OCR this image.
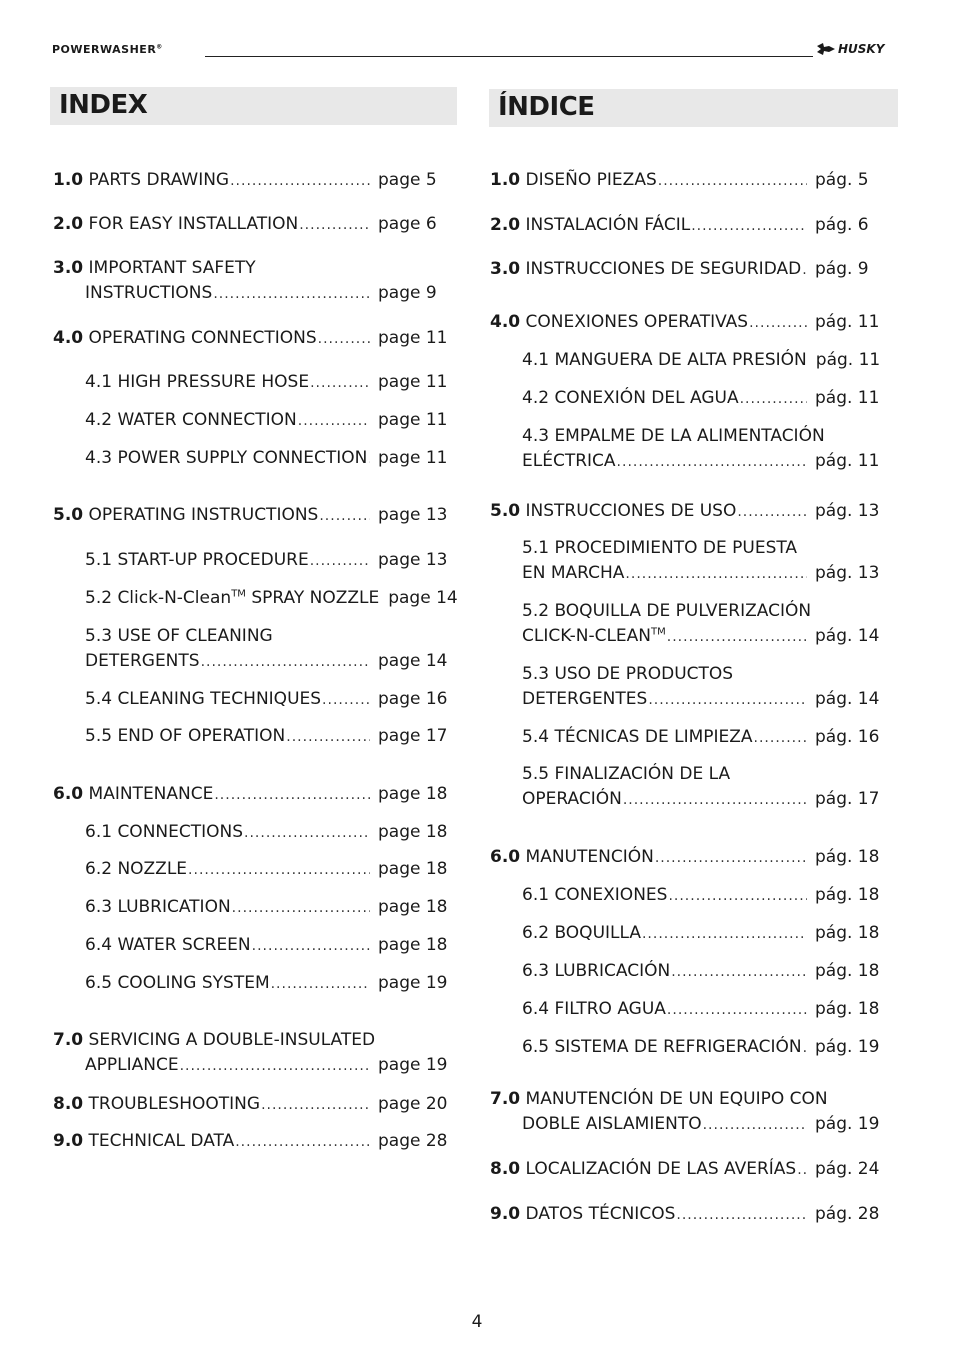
POWERWASHER®	HUSKY
INDEX	ÍNDICE
1.0 PARTS DRAWING .....	page 5
2.0 FOR EASY INSTALLATION .....	page 6
3.0 IMPORTANT SAFETY
INSTRUCTIONS .....	page 9
4.0 OPERATING CONNECTIONS .....	page 11
4.1 HIGH PRESSURE HOSE .....	page 11
4.2 WATER CONNECTION .....	page 11
4.3 POWER SUPPLY CONNECTION ..... page 11
5.0 OPERATING INSTRUCTIONS .....	page 13
5.1 START-UP PROCEDURE .....	page 13
5.2 Click-N-Clean™ SPRAY NOZZLE page 14
5.3 USE OF CLEANING
DETERGENTS .....	page 14
5.4 CLEANING TECHNIQUES .....	page 16
5.5 END OF OPERATION .....	page 17
6.0 MAINTENANCE .....	page 18
6.1 CONNECTIONS .....	page 18
6.2 NOZZLE .....	page 18
6.3 LUBRICATION .....	page 18
6.4 WATER SCREEN .....	page 18
6.5 COOLING SYSTEM .....	page 19
7.0 SERVICING A DOUBLE-INSULATED
APPLIANCE .....	page 19
8.0 TROUBLESHOOTING .....	page 20
9.0 TECHNICAL DATA .....	page 28
1.0 DISEÑO PIEZAS .....	pág. 5
2.0 INSTALACIÓN FÁCIL .....	pág. 6
3.0 INSTRUCCIONES DE SEGURIDAD ..... pág. 9
4.0 CONEXIONES OPERATIVAS .....	pág. 11
4.1 MANGUERA DE ALTA PRESIÓN pág. 11
4.2 CONEXIÓN DEL AGUA .....	pág. 11
4.3 EMPALME DE LA ALIMENTACIÓN
ELÉCTRICA .....	pág. 11
5.0 INSTRUCCIONES DE USO .....	pág. 13
5.1 PROCEDIMIENTO DE PUESTA
EN MARCHA .....	pág. 13
5.2 BOQUILLA DE PULVERIZACIÓN
CLICK-N-CLEAN™ .....	pág. 14
5.3 USO DE PRODUCTOS
DETERGENTES .....	pág. 14
5.4 TÉCNICAS DE LIMPIEZA .....	pág. 16
5.5 FINALIZACIÓN DE LA
OPERACIÓN .....	pág. 17
6.0 MANUTENCIÓN .....	pág. 18
6.1 CONEXIONES .....	pág. 18
6.2 BOQUILLA .....	pág. 18
6.3 LUBRICACIÓN .....	pág. 18
6.4 FILTRO AGUA .....	pág. 18
6.5 SISTEMA DE REFRIGERACIÓN ..... pág. 19
7.0 MANUTENCIÓN DE UN EQUIPO CON
DOBLE AISLAMIENTO .....	pág. 19
8.0 LOCALIZACIÓN DE LAS AVERÍAS ..... pág. 24
9.0 DATOS TÉCNICOS .....	pág. 28
4
